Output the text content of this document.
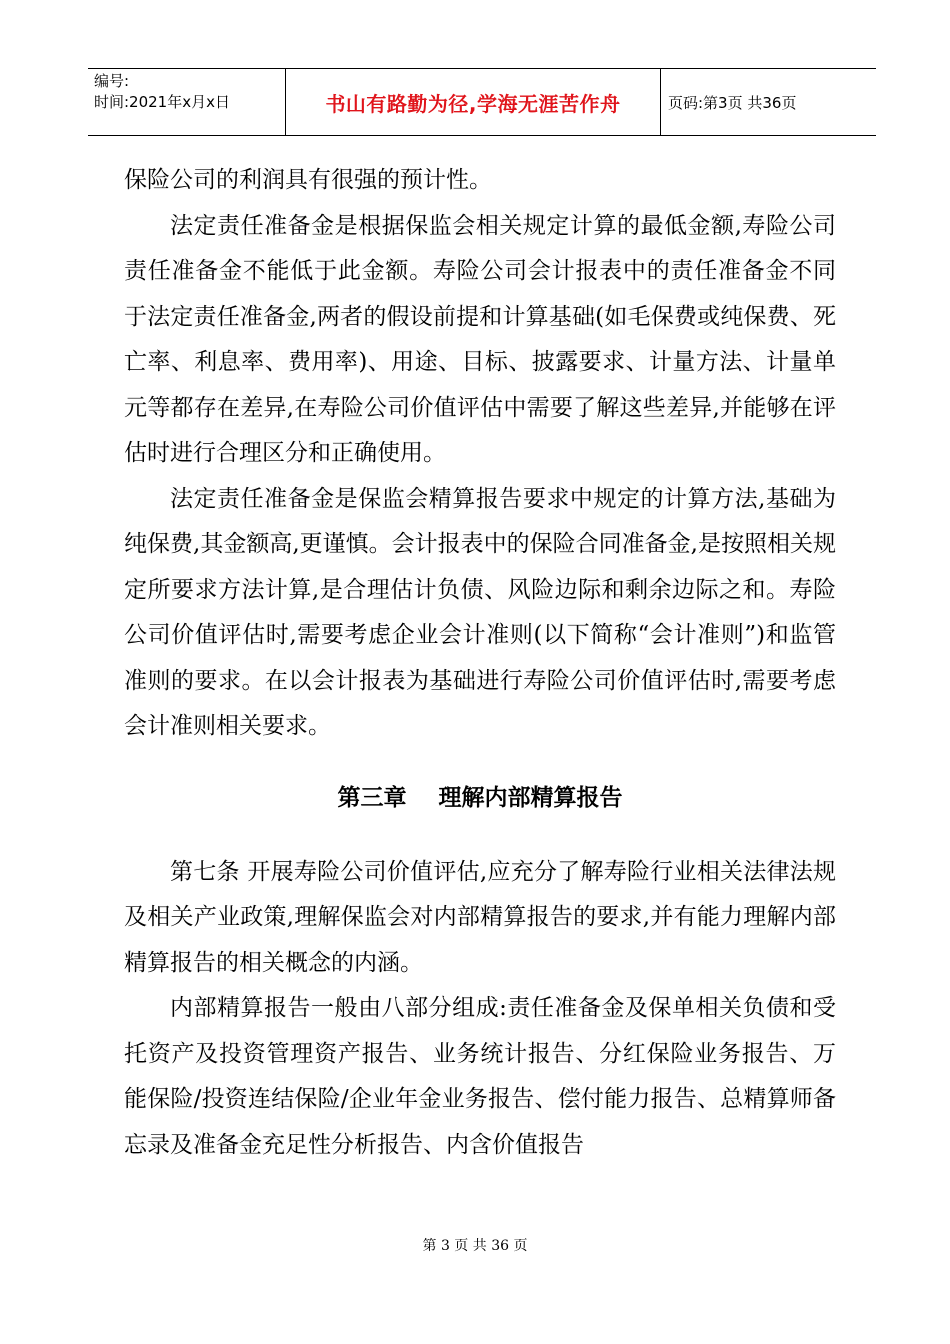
编号:
时间:2021年x月x日	书山有路勤为径,学海无涯苦作舟	页码:第3页 共36页

保险公司的利润具有很强的预计性。

法定责任准备金是根据保监会相关规定计算的最低金额,寿险公司责任准备金不能低于此金额。寿险公司会计报表中的责任准备金不同于法定责任准备金,两者的假设前提和计算基础(如毛保费或纯保费、死亡率、利息率、费用率)、用途、目标、披露要求、计量方法、计量单元等都存在差异,在寿险公司价值评估中需要了解这些差异,并能够在评估时进行合理区分和正确使用。

法定责任准备金是保监会精算报告要求中规定的计算方法,基础为纯保费,其金额高,更谨慎。会计报表中的保险合同准备金,是按照相关规定所要求方法计算,是合理估计负债、风险边际和剩余边际之和。寿险公司价值评估时,需要考虑企业会计准则(以下简称“会计准则”)和监管准则的要求。在以会计报表为基础进行寿险公司价值评估时,需要考虑会计准则相关要求。

第三章    理解内部精算报告

第七条 开展寿险公司价值评估,应充分了解寿险行业相关法律法规及相关产业政策,理解保监会对内部精算报告的要求,并有能力理解内部精算报告的相关概念的内涵。

内部精算报告一般由八部分组成:责任准备金及保单相关负债和受托资产及投资管理资产报告、业务统计报告、分红保险业务报告、万能保险/投资连结保险/企业年金业务报告、偿付能力报告、总精算师备忘录及准备金充足性分析报告、内含价值报告

第 3 页 共 36 页
